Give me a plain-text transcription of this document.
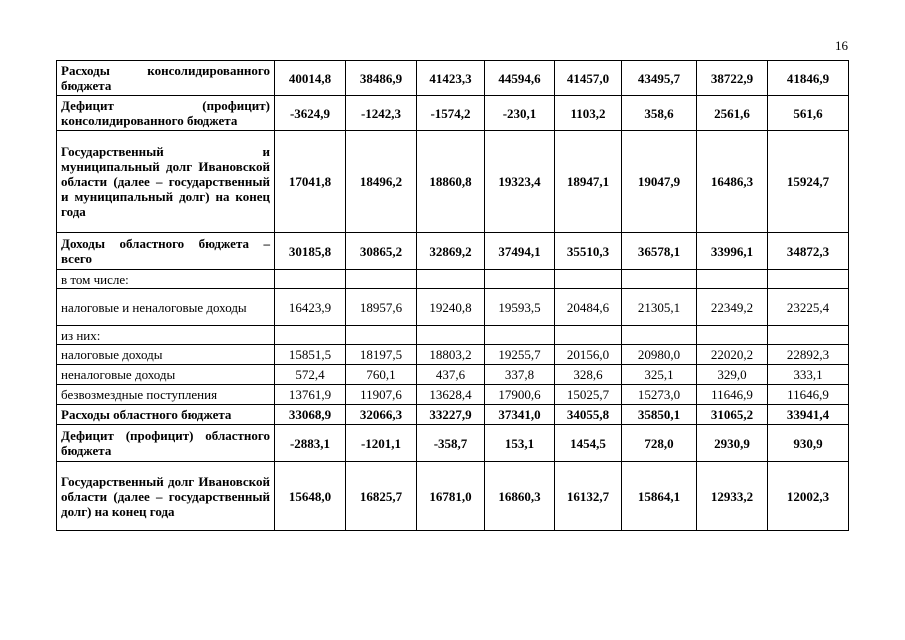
16
Расходы консолидированного бюджета	40014,8	38486,9	41423,3	44594,6	41457,0	43495,7	38722,9	41846,9
Дефицит (профицит) консолидированного бюджета	-3624,9	-1242,3	-1574,2	-230,1	1103,2	358,6	2561,6	561,6
Государственный и муниципальный долг Ивановской области (далее – государственный и муниципальный долг) на конец года	17041,8	18496,2	18860,8	19323,4	18947,1	19047,9	16486,3	15924,7
Доходы областного бюджета – всего	30185,8	30865,2	32869,2	37494,1	35510,3	36578,1	33996,1	34872,3
в том числе:								
налоговые и неналоговые доходы	16423,9	18957,6	19240,8	19593,5	20484,6	21305,1	22349,2	23225,4
из них:								
налоговые доходы	15851,5	18197,5	18803,2	19255,7	20156,0	20980,0	22020,2	22892,3
неналоговые доходы	572,4	760,1	437,6	337,8	328,6	325,1	329,0	333,1
безвозмездные поступления	13761,9	11907,6	13628,4	17900,6	15025,7	15273,0	11646,9	11646,9
Расходы областного бюджета	33068,9	32066,3	33227,9	37341,0	34055,8	35850,1	31065,2	33941,4
Дефицит (профицит) областного бюджета	-2883,1	-1201,1	-358,7	153,1	1454,5	728,0	2930,9	930,9
Государственный долг Ивановской области (далее – государственный долг) на конец года	15648,0	16825,7	16781,0	16860,3	16132,7	15864,1	12933,2	12002,3
